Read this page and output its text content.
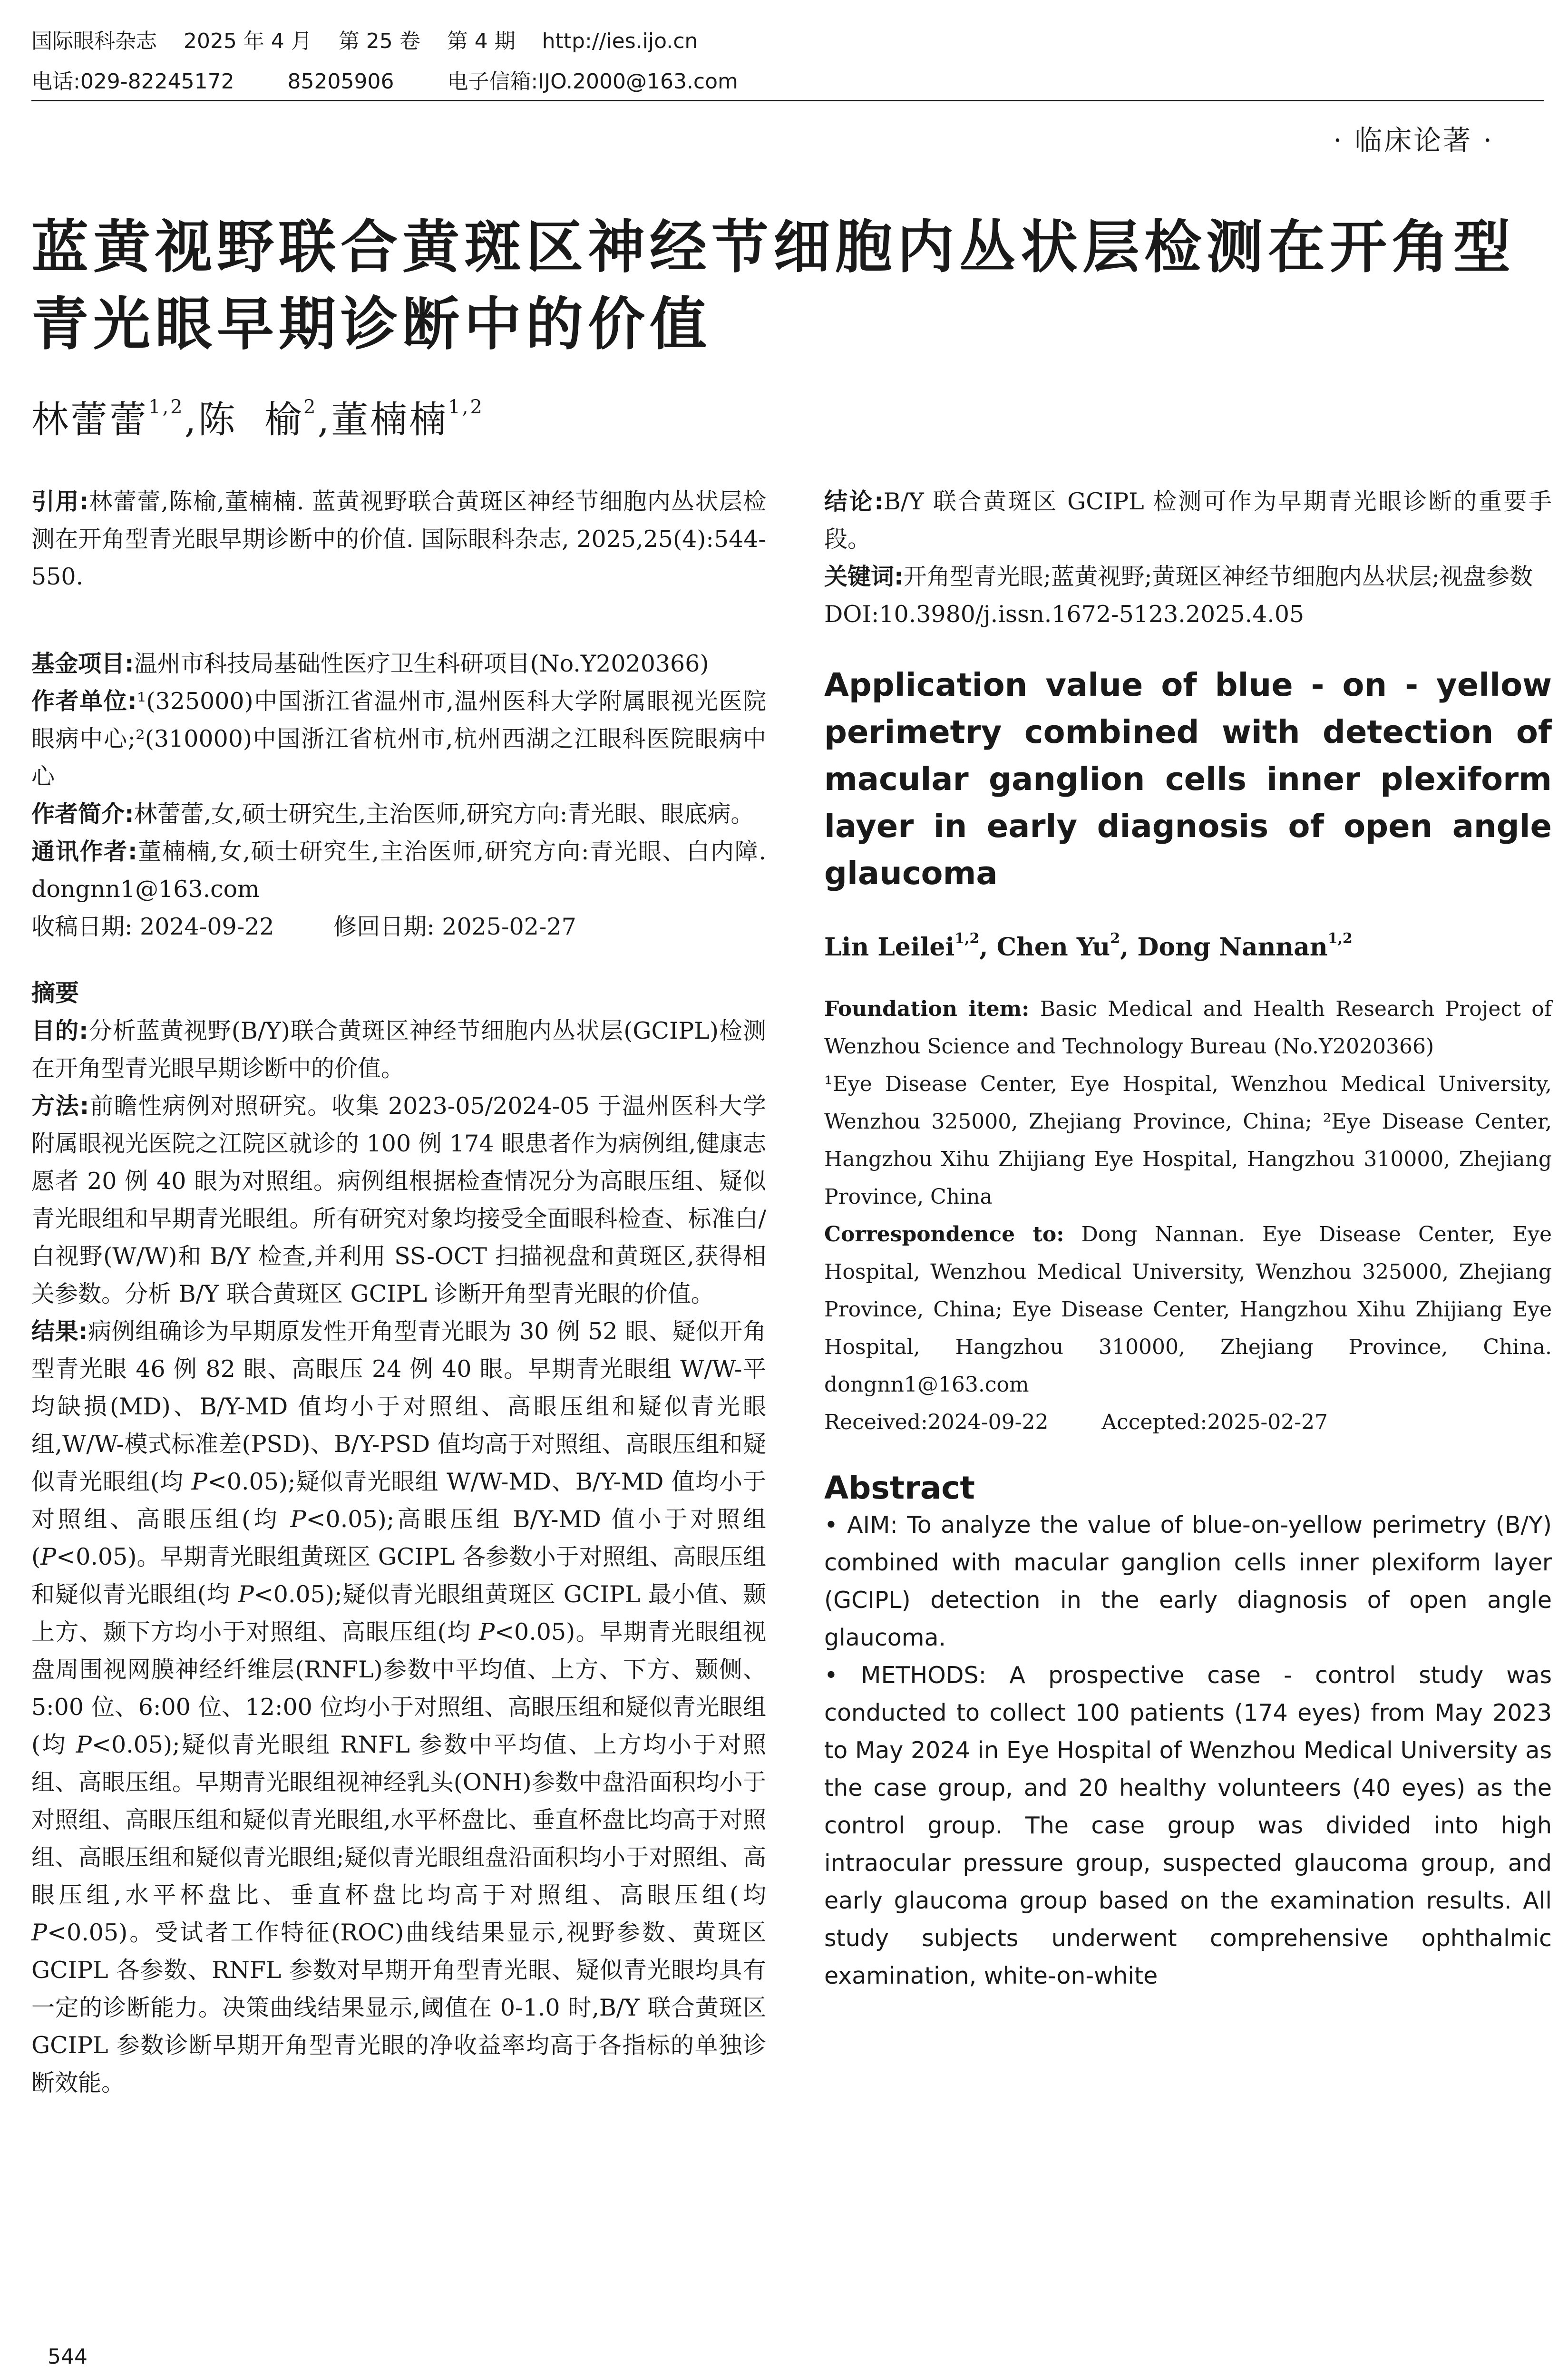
国际眼科杂志    2025 年 4 月    第 25 卷    第 4 期    http://ies.ijo.cn
电话:029-82245172        85205906        电子信箱:IJO.2000@163.com
· 临床论著 ·
蓝黄视野联合黄斑区神经节细胞内丛状层检测在开角型
青光眼早期诊断中的价值
林蕾蕾$^{1,2}$,陈  榆$^2$,董楠楠$^{1,2}$

引用:林蕾蕾,陈榆,董楠楠. 蓝黄视野联合黄斑区神经节细胞内丛状层检测在开角型青光眼早期诊断中的价值. 国际眼科杂志, 2025,25(4):544-550.

基金项目:温州市科技局基础性医疗卫生科研项目(No.Y2020366)

作者单位:¹(325000)中国浙江省温州市,温州医科大学附属眼视光医院眼病中心;²(310000)中国浙江省杭州市,杭州西湖之江眼科医院眼病中心

作者简介:林蕾蕾,女,硕士研究生,主治医师,研究方向:青光眼、眼底病。

通讯作者:董楠楠,女,硕士研究生,主治医师,研究方向:青光眼、白内障. dongnn1@163.com

收稿日期: 2024-09-22        修回日期: 2025-02-27

摘要

目的:分析蓝黄视野(B/Y)联合黄斑区神经节细胞内丛状层(GCIPL)检测在开角型青光眼早期诊断中的价值。

方法:前瞻性病例对照研究。收集 2023-05/2024-05 于温州医科大学附属眼视光医院之江院区就诊的 100 例 174 眼患者作为病例组,健康志愿者 20 例 40 眼为对照组。病例组根据检查情况分为高眼压组、疑似青光眼组和早期青光眼组。所有研究对象均接受全面眼科检查、标准白/白视野(W/W)和 B/Y 检查,并利用 SS-OCT 扫描视盘和黄斑区,获得相关参数。分析 B/Y 联合黄斑区 GCIPL 诊断开角型青光眼的价值。

结果:病例组确诊为早期原发性开角型青光眼为 30 例 52 眼、疑似开角型青光眼 46 例 82 眼、高眼压 24 例 40 眼。早期青光眼组 W/W-平均缺损(MD)、B/Y-MD 值均小于对照组、高眼压组和疑似青光眼组,W/W-模式标准差(PSD)、B/Y-PSD 值均高于对照组、高眼压组和疑似青光眼组(均 P<0.05);疑似青光眼组 W/W-MD、B/Y-MD 值均小于对照组、高眼压组(均 P<0.05);高眼压组 B/Y-MD 值小于对照组(P<0.05)。早期青光眼组黄斑区 GCIPL 各参数小于对照组、高眼压组和疑似青光眼组(均 P<0.05);疑似青光眼组黄斑区 GCIPL 最小值、颞上方、颞下方均小于对照组、高眼压组(均 P<0.05)。早期青光眼组视盘周围视网膜神经纤维层(RNFL)参数中平均值、上方、下方、颞侧、5:00 位、6:00 位、12:00 位均小于对照组、高眼压组和疑似青光眼组(均 P<0.05);疑似青光眼组 RNFL 参数中平均值、上方均小于对照组、高眼压组。早期青光眼组视神经乳头(ONH)参数中盘沿面积均小于对照组、高眼压组和疑似青光眼组,水平杯盘比、垂直杯盘比均高于对照组、高眼压组和疑似青光眼组;疑似青光眼组盘沿面积均小于对照组、高眼压组,水平杯盘比、垂直杯盘比均高于对照组、高眼压组(均 P<0.05)。受试者工作特征(ROC)曲线结果显示,视野参数、黄斑区 GCIPL 各参数、RNFL 参数对早期开角型青光眼、疑似青光眼均具有一定的诊断能力。决策曲线结果显示,阈值在 0-1.0 时,B/Y 联合黄斑区 GCIPL 参数诊断早期开角型青光眼的净收益率均高于各指标的单独诊断效能。

结论:B/Y 联合黄斑区 GCIPL 检测可作为早期青光眼诊断的重要手段。

关键词:开角型青光眼;蓝黄视野;黄斑区神经节细胞内丛状层;视盘参数

DOI:10.3980/j.issn.1672-5123.2025.4.05

Application value of blue - on - yellow perimetry combined with detection of macular ganglion cells inner plexiform layer in early diagnosis of open angle glaucoma

Lin Leilei$^{1,2}$, Chen Yu$^2$, Dong Nannan$^{1,2}$

Foundation item: Basic Medical and Health Research Project of Wenzhou Science and Technology Bureau (No.Y2020366)

¹Eye Disease Center, Eye Hospital, Wenzhou Medical University, Wenzhou 325000, Zhejiang Province, China; ²Eye Disease Center, Hangzhou Xihu Zhijiang Eye Hospital, Hangzhou 310000, Zhejiang Province, China

Correspondence to: Dong Nannan. Eye Disease Center, Eye Hospital, Wenzhou Medical University, Wenzhou 325000, Zhejiang Province, China; Eye Disease Center, Hangzhou Xihu Zhijiang Eye Hospital, Hangzhou 310000, Zhejiang Province, China. dongnn1@163.com

Received:2024-09-22        Accepted:2025-02-27

Abstract

• AIM: To analyze the value of blue-on-yellow perimetry (B/Y) combined with macular ganglion cells inner plexiform layer (GCIPL) detection in the early diagnosis of open angle glaucoma.

• METHODS: A prospective case - control study was conducted to collect 100 patients (174 eyes) from May 2023 to May 2024 in Eye Hospital of Wenzhou Medical University as the case group, and 20 healthy volunteers (40 eyes) as the control group. The case group was divided into high intraocular pressure group, suspected glaucoma group, and early glaucoma group based on the examination results. All study subjects underwent comprehensive ophthalmic examination, white-on-white

544
